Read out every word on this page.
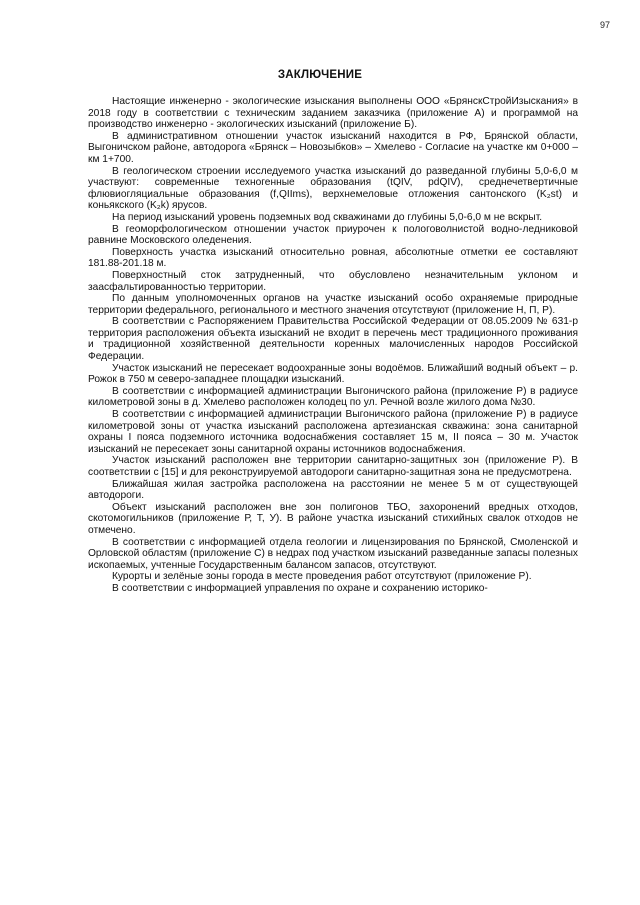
97
ЗАКЛЮЧЕНИЕ

Настоящие инженерно - экологические изыскания выполнены ООО «БрянскСтройИзыскания» в 2018 году в соответствии с техническим заданием заказчика (приложение А) и программой на производство инженерно - экологических изысканий (приложение Б).

В административном отношении участок изысканий находится в РФ, Брянской области, Выгоничском районе, автодорога «Брянск – Новозыбков» – Хмелево - Согласие на участке км 0+000 – км 1+700.

В геологическом строении исследуемого участка изысканий до разведанной глубины 5,0-6,0 м участвуют: современные техногенные образования (tQIV, pdQIV), среднечетвертичные флювиогляциальные образования (f,QIIms), верхнемеловые отложения сантонского (K₂st) и коньякского (K₂k) ярусов.

На период изысканий уровень подземных вод скважинами до глубины 5,0-6,0 м не вскрыт.

В геоморфологическом отношении участок приурочен к пологоволнистой водно-ледниковой равнине Московского оледенения.

Поверхность участка изысканий относительно ровная, абсолютные отметки ее составляют 181.88-201.18 м.

Поверхностный сток затрудненный, что обусловлено незначительным уклоном и заасфальтированностью территории.

По данным уполномоченных органов на участке изысканий особо охраняемые природные территории федерального, регионального и местного значения отсутствуют (приложение Н, П, Р).

В соответствии с Распоряжением Правительства Российской Федерации от 08.05.2009 № 631-р территория расположения объекта изысканий не входит в перечень мест традиционного проживания и традиционной хозяйственной деятельности коренных малочисленных народов Российской Федерации.

Участок изысканий не пересекает водоохранные зоны водоёмов. Ближайший водный объект – р. Рожок в 750 м северо-западнее площадки изысканий.

В соответствии с информацией администрации Выгоничского района (приложение Р) в радиусе километровой зоны в д. Хмелево расположен колодец по ул. Речной возле жилого дома №30.

В соответствии с информацией администрации Выгоничского района (приложение Р) в радиусе километровой зоны от участка изысканий расположена артезианская скважина: зона санитарной охраны I пояса подземного источника водоснабжения составляет 15 м, II пояса – 30 м. Участок изысканий не пересекает зоны санитарной охраны источников водоснабжения.

Участок изысканий расположен вне территории санитарно-защитных зон (приложение Р). В соответствии с [15] и для реконструируемой автодороги санитарно-защитная зона не предусмотрена.

Ближайшая жилая застройка расположена на расстоянии не менее 5 м от существующей автодороги.

Объект изысканий расположен вне зон полигонов ТБО, захоронений вредных отходов, скотомогильников (приложение Р, Т, У). В районе участка изысканий стихийных свалок отходов не отмечено.

В соответствии с информацией отдела геологии и лицензирования по Брянской, Смоленской и Орловской областям (приложение С) в недрах под участком изысканий разведанные запасы полезных ископаемых, учтенные Государственным балансом запасов, отсутствуют.

Курорты и зелёные зоны города в месте проведения работ отсутствуют (приложение Р).

В соответствии с информацией управления по охране и сохранению историко-
